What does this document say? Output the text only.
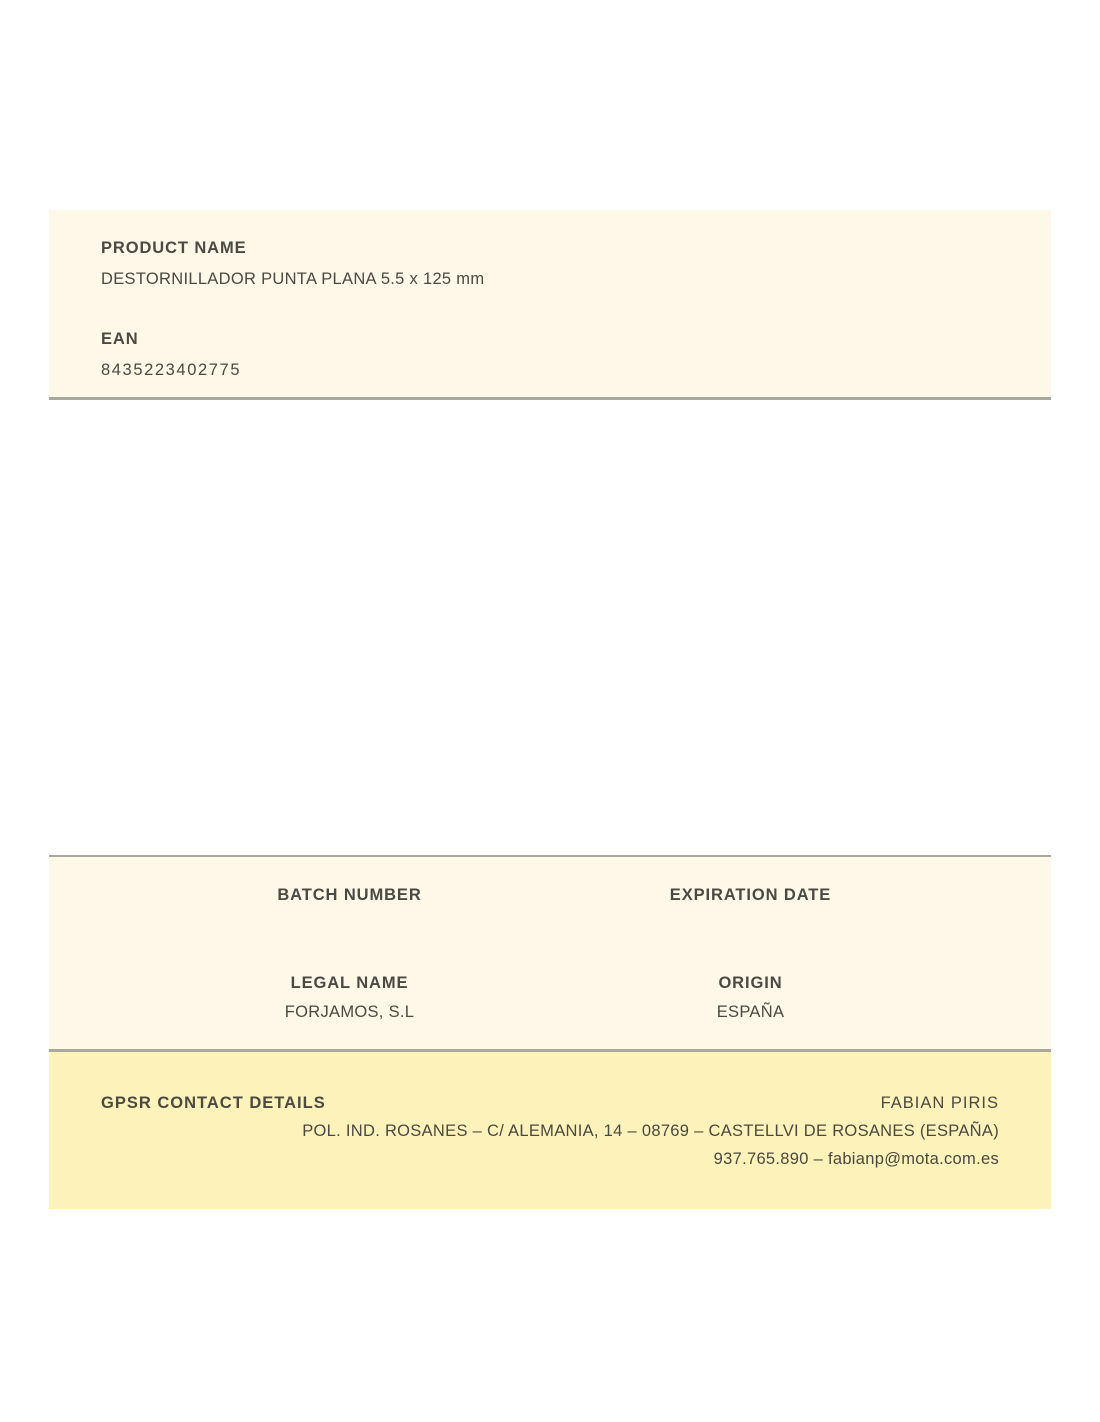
PRODUCT NAME
DESTORNILLADOR PUNTA PLANA 5.5 x 125 mm
EAN
8435223402775
BATCH NUMBER	EXPIRATION DATE
LEGAL NAME
FORJAMOS, S.L
ORIGIN
ESPAÑA
GPSR CONTACT DETAILS	FABIAN PIRIS
POL. IND. ROSANES – C/ ALEMANIA, 14 – 08769 – CASTELLVI DE ROSANES (ESPAÑA)
937.765.890 – fabianp@mota.com.es
